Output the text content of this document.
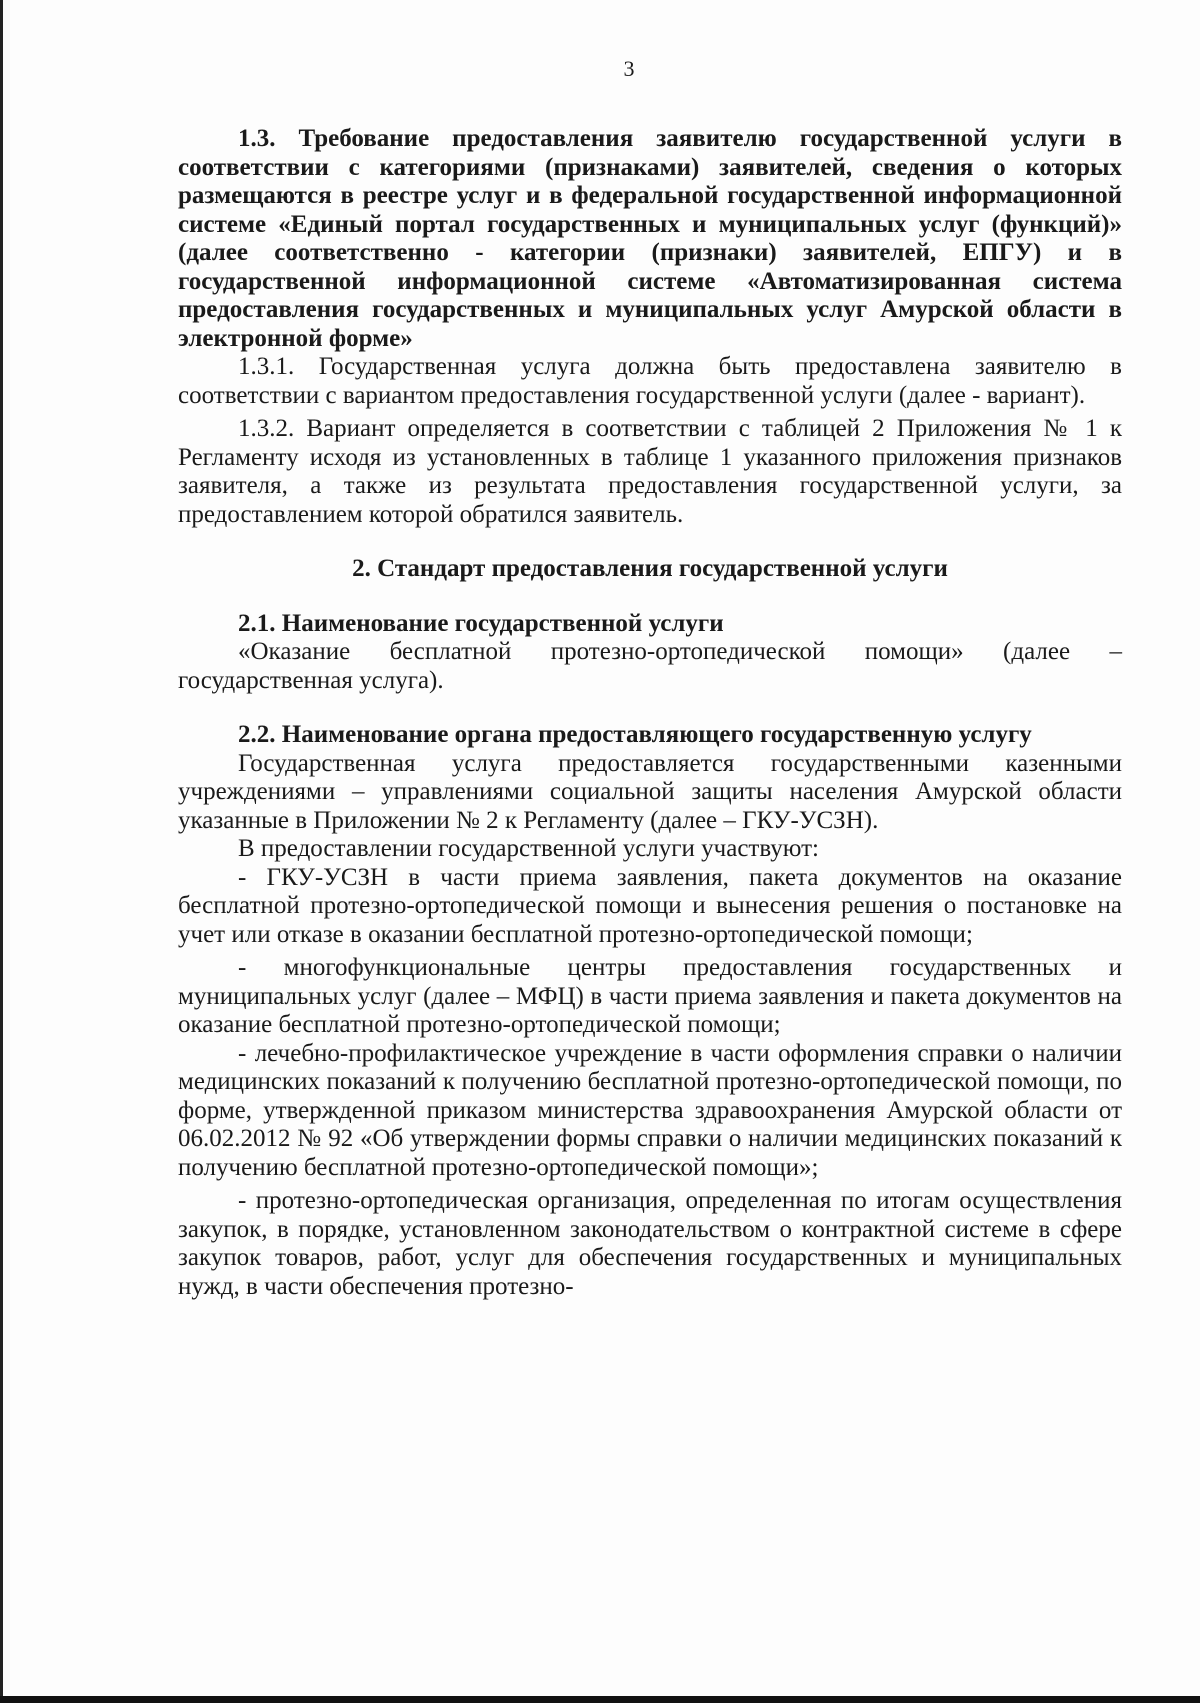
3

1.3. Требование предоставления заявителю государственной услуги в соответствии с категориями (признаками) заявителей, сведения о которых размещаются в реестре услуг и в федеральной государственной информационной системе «Единый портал государственных и муниципальных услуг (функций)» (далее соответственно - категории (признаки) заявителей, ЕПГУ) и в государственной информационной системе «Автоматизированная система предоставления государственных и муниципальных услуг Амурской области в электронной форме»

1.3.1. Государственная услуга должна быть предоставлена заявителю в соответствии с вариантом предоставления государственной услуги (далее - вариант).

1.3.2. Вариант определяется в соответствии с таблицей 2 Приложения № 1 к Регламенту исходя из установленных в таблице 1 указанного приложения признаков заявителя, а также из результата предоставления государственной услуги, за предоставлением которой обратился заявитель.

2. Стандарт предоставления государственной услуги

2.1. Наименование государственной услуги

«Оказание бесплатной протезно-ортопедической помощи» (далее – государственная услуга).

2.2. Наименование органа предоставляющего государственную услугу

Государственная услуга предоставляется государственными казенными учреждениями – управлениями социальной защиты населения Амурской области указанные в Приложении № 2 к Регламенту (далее – ГКУ-УСЗН).

В предоставлении государственной услуги участвуют:

- ГКУ-УСЗН в части приема заявления, пакета документов на оказание бесплатной протезно-ортопедической помощи и вынесения решения о постановке на учет или отказе в оказании бесплатной протезно-ортопедической помощи;

- многофункциональные центры предоставления государственных и муниципальных услуг (далее – МФЦ) в части приема заявления и пакета документов на оказание бесплатной протезно-ортопедической помощи;

- лечебно-профилактическое учреждение в части оформления справки о наличии медицинских показаний к получению бесплатной протезно-ортопедической помощи, по форме, утвержденной приказом министерства здравоохранения Амурской области от 06.02.2012 № 92 «Об утверждении формы справки о наличии медицинских показаний к получению бесплатной протезно-ортопедической помощи»;

- протезно-ортопедическая организация, определенная по итогам осуществления закупок, в порядке, установленном законодательством о контрактной системе в сфере закупок товаров, работ, услуг для обеспечения государственных и муниципальных нужд, в части обеспечения протезно-
